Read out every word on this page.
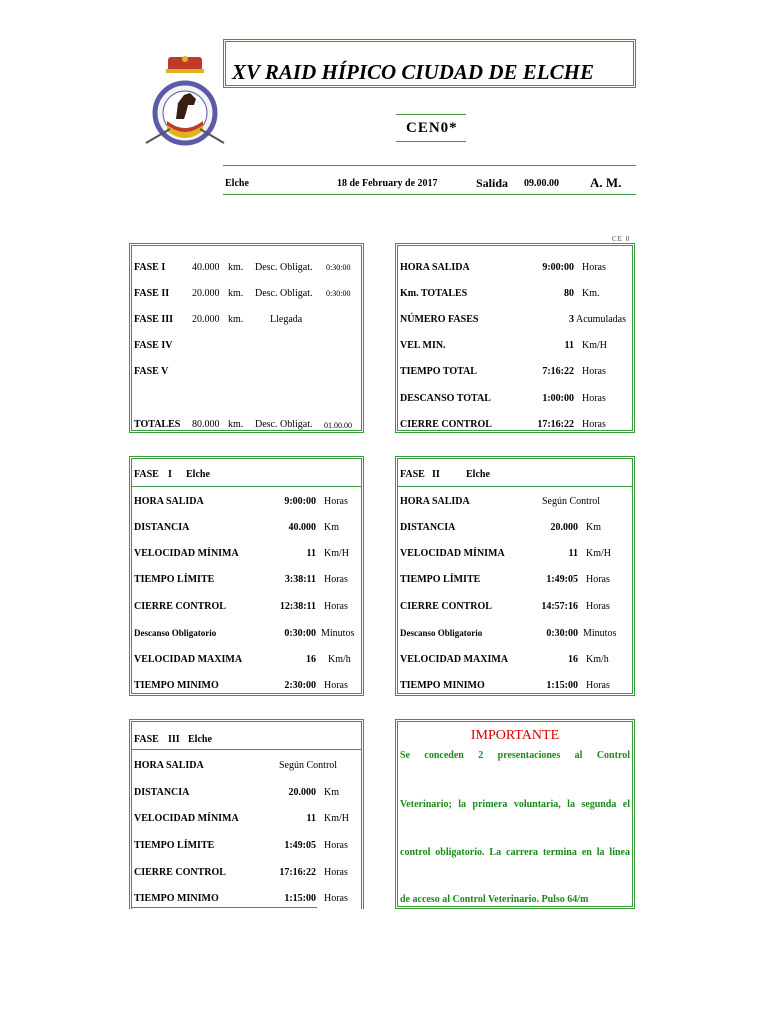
XV RAID HÍPICO CIUDAD DE ELCHE
CEN0*
Elche	18 de February de 2017	Salida 09.00.00 A. M.
CE 0
FASE I	40.000 km. Desc. Obligat. 0:30:00
FASE II 20.000 km. Desc. Obligat. 0:30:00
FASE III 20.000 km.	Llegada
FASE IV
FASE V
TOTALES 80.000 km. Desc. Obligat. 01.00.00
HORA SALIDA	9:00:00 Horas
Km. TOTALES	80 Km.
NÚMERO FASES	3 Acumuladas
VEL MIN.	11 Km/H
TIEMPO TOTAL	7:16:22 Horas
DESCANSO TOTAL	1:00:00 Horas
CIERRE CONTROL	17:16:22 Horas
FASE I Elche
HORA SALIDA	9:00:00 Horas
DISTANCIA	40.000 Km
VELOCIDAD MÍNIMA	11 Km/H
TIEMPO LÍMITE	3:38:11 Horas
CIERRE CONTROL	12:38:11 Horas
Descanso Obligatorio	0:30:00 Minutos
VELOCIDAD MAXIMA	16 Km/h
TIEMPO MINIMO	2:30:00 Horas
FASE II	Elche
HORA SALIDA	Según Control
DISTANCIA	20.000 Km
VELOCIDAD MÍNIMA	11 Km/H
TIEMPO LÍMITE	1:49:05 Horas
CIERRE CONTROL	14:57:16 Horas
Descanso Obligatorio	0:30:00 Minutos
VELOCIDAD MAXIMA	16 Km/h
TIEMPO MINIMO	1:15:00 Horas
FASE III Elche
HORA SALIDA	Según Control
DISTANCIA	20.000 Km
VELOCIDAD MÍNIMA	11 Km/H
TIEMPO LÍMITE	1:49:05 Horas
CIERRE CONTROL	17:16:22 Horas
TIEMPO MINIMO	1:15:00 Horas
IMPORTANTE
Se conceden 2 presentaciones al Control
Veterinario; la primera voluntaria, la segunda el
control obligatorio. La carrera termina en la línea
de acceso al Control Veterinario. Pulso 64/m
